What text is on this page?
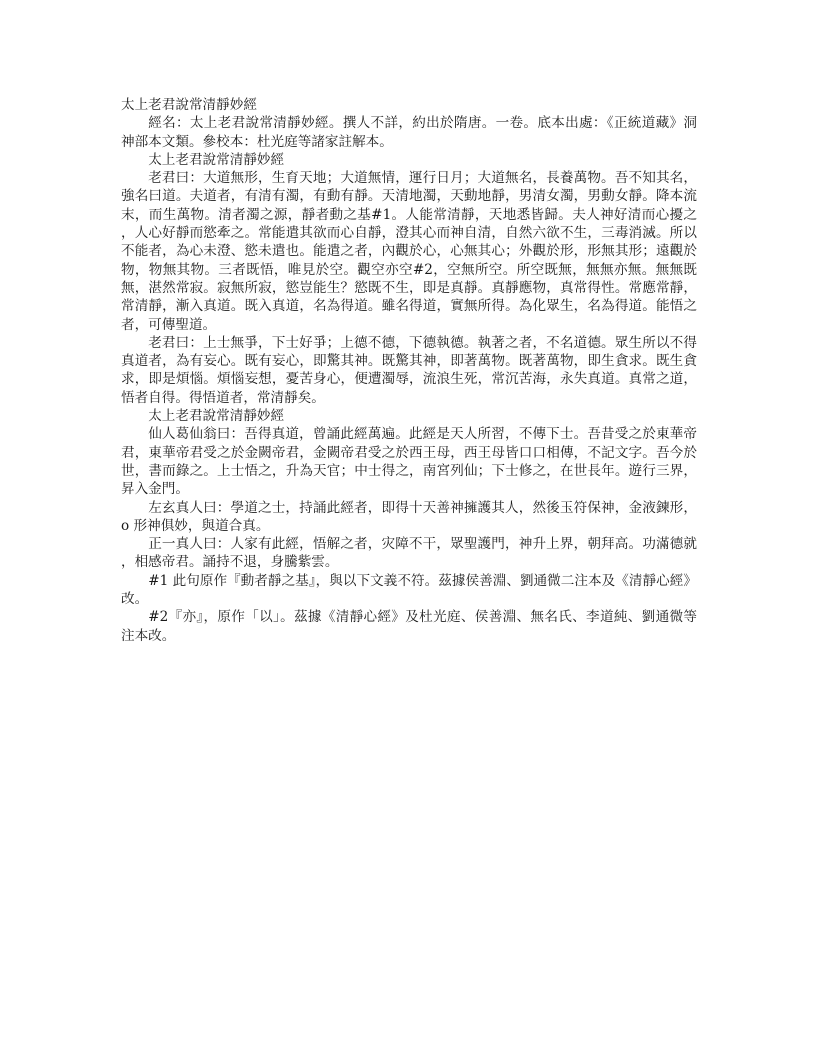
太上老君說常清靜妙經

經名：太上老君說常清靜妙經。撰人不詳，約出於隋唐。一卷。底本出處：《正統道藏》洞神部本文類。參校本：杜光庭等諸家註解本。

太上老君說常清靜妙經

老君曰：大道無形，生育天地；大道無情，運行日月；大道無名，長養萬物。吾不知其名，強名曰道。夫道者，有清有濁，有動有靜。天清地濁，天動地靜，男清女濁，男動女靜。降本流末，而生萬物。清者濁之源，靜者動之基#1。人能常清靜，天地悉皆歸。夫人神好清而心擾之，人心好靜而慾牽之。常能遣其欲而心自靜，澄其心而神自清，自然六欲不生，三毒消滅。所以不能者，為心未澄、慾未遣也。能遣之者，內觀於心，心無其心；外觀於形，形無其形；遠觀於物，物無其物。三者既悟，唯見於空。觀空亦空#2，空無所空。所空既無，無無亦無。無無既無，湛然常寂。寂無所寂，慾豈能生？慾既不生，即是真靜。真靜應物，真常得性。常應常靜，常清靜，漸入真道。既入真道，名為得道。雖名得道，實無所得。為化眾生，名為得道。能悟之者，可傳聖道。

老君曰：上士無爭，下士好爭；上德不德，下德執德。執著之者，不名道德。眾生所以不得真道者，為有妄心。既有妄心，即驚其神。既驚其神，即著萬物。既著萬物，即生貪求。既生貪求，即是煩惱。煩惱妄想，憂苦身心，便遭濁辱，流浪生死，常沉苦海，永失真道。真常之道，悟者自得。得悟道者，常清靜矣。

太上老君說常清靜妙經

仙人葛仙翁曰：吾得真道，曾誦此經萬遍。此經是天人所習，不傳下士。吾昔受之於東華帝君，東華帝君受之於金闕帝君，金闕帝君受之於西王母，西王母皆口口相傳，不記文字。吾今於世，書而錄之。上士悟之，升為天官；中士得之，南宮列仙；下士修之，在世長年。遊行三界，昇入金門。

左玄真人曰：學道之士，持誦此經者，即得十天善神擁護其人，然後玉符保神，金液鍊形，o 形神俱妙，與道合真。

正一真人曰：人家有此經，悟解之者，灾障不干，眾聖護門，神升上界，朝拜高。功滿德就，相感帝君。誦持不退，身騰紫雲。

#1 此句原作『動者靜之基』，與以下文義不符。茲據侯善淵、劉通微二注本及《清靜心經》改。

#2『亦』，原作「以」。茲據《清靜心經》及杜光庭、侯善淵、無名氏、李道純、劉通微等注本改。
